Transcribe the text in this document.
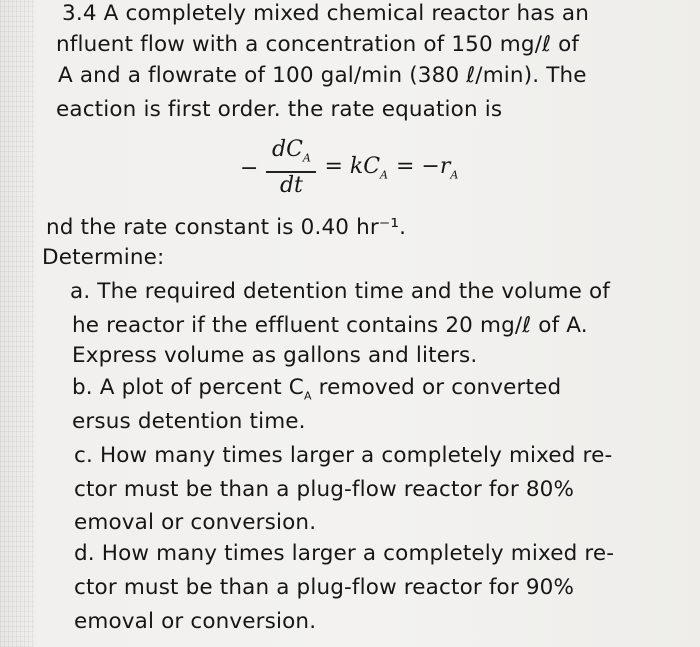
3.4 A completely mixed chemical reactor has an
nfluent flow with a concentration of 150 mg/ℓ of
A and a flowrate of 100 gal/min (380 ℓ/min). The
eaction is first order. the rate equation is
− $\frac{dC_A}{dt} = kC_A = -r_A$
nd the rate constant is 0.40 hr⁻¹.
Determine:
a. The required detention time and the volume of
he reactor if the effluent contains 20 mg/ℓ of A.
Express volume as gallons and liters.
b. A plot of percent $C_A$ removed or converted
ersus detention time.
c. How many times larger a completely mixed re-
ctor must be than a plug-flow reactor for 80%
emoval or conversion.
d. How many times larger a completely mixed re-
ctor must be than a plug-flow reactor for 90%
emoval or conversion.
